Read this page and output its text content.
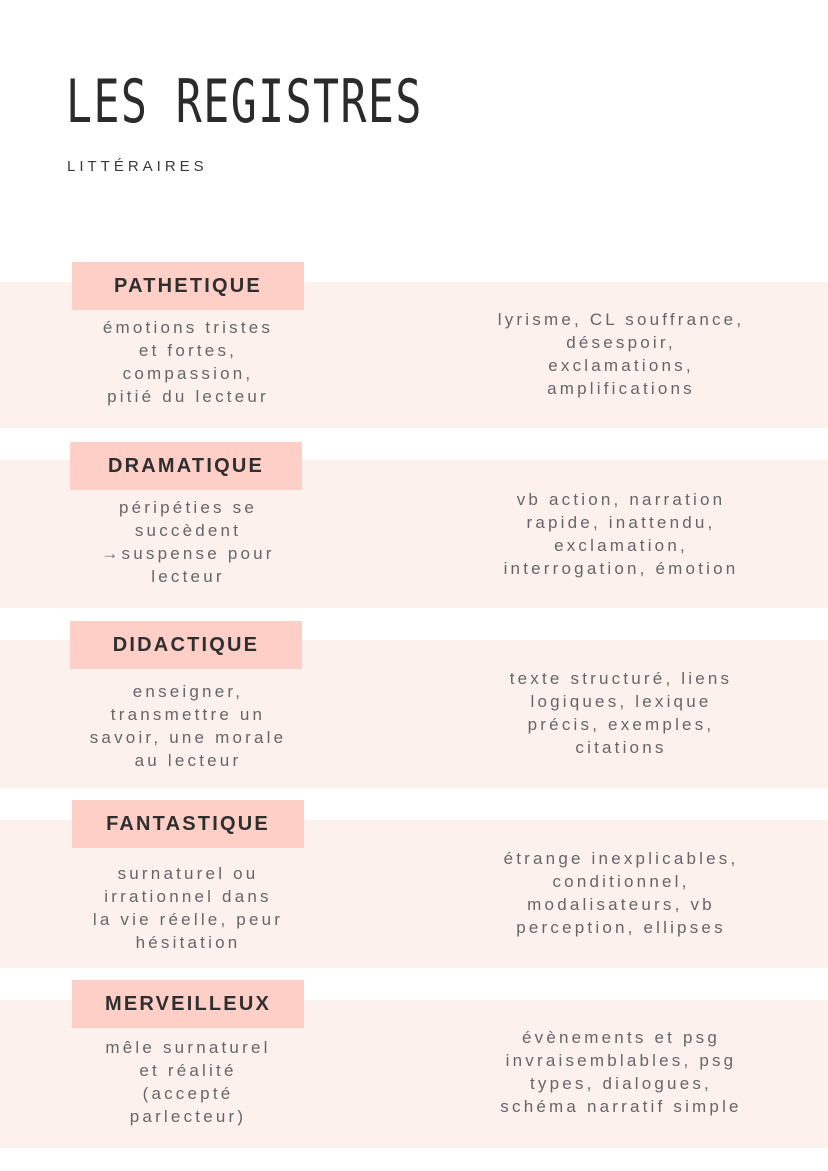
LES REGISTRES

LITTÉRAIRES

PATHETIQUE

émotions tristes
et fortes,
compassion,
pitié du lecteur

lyrisme, CL souffrance,
désespoir,
exclamations,
amplifications

DRAMATIQUE

péripéties se
succèdent
→suspense pour
lecteur

vb action, narration
rapide, inattendu,
exclamation,
interrogation, émotion

DIDACTIQUE

enseigner,
transmettre un
savoir, une morale
au lecteur

texte structuré, liens
logiques, lexique
précis, exemples,
citations

FANTASTIQUE

surnaturel ou
irrationnel dans
la vie réelle, peur
hésitation

étrange inexplicables,
conditionnel,
modalisateurs, vb
perception, ellipses

MERVEILLEUX

mêle surnaturel
et réalité
(accepté
parlecteur)

évènements et psg
invraisemblables, psg
types, dialogues,
schéma narratif simple
